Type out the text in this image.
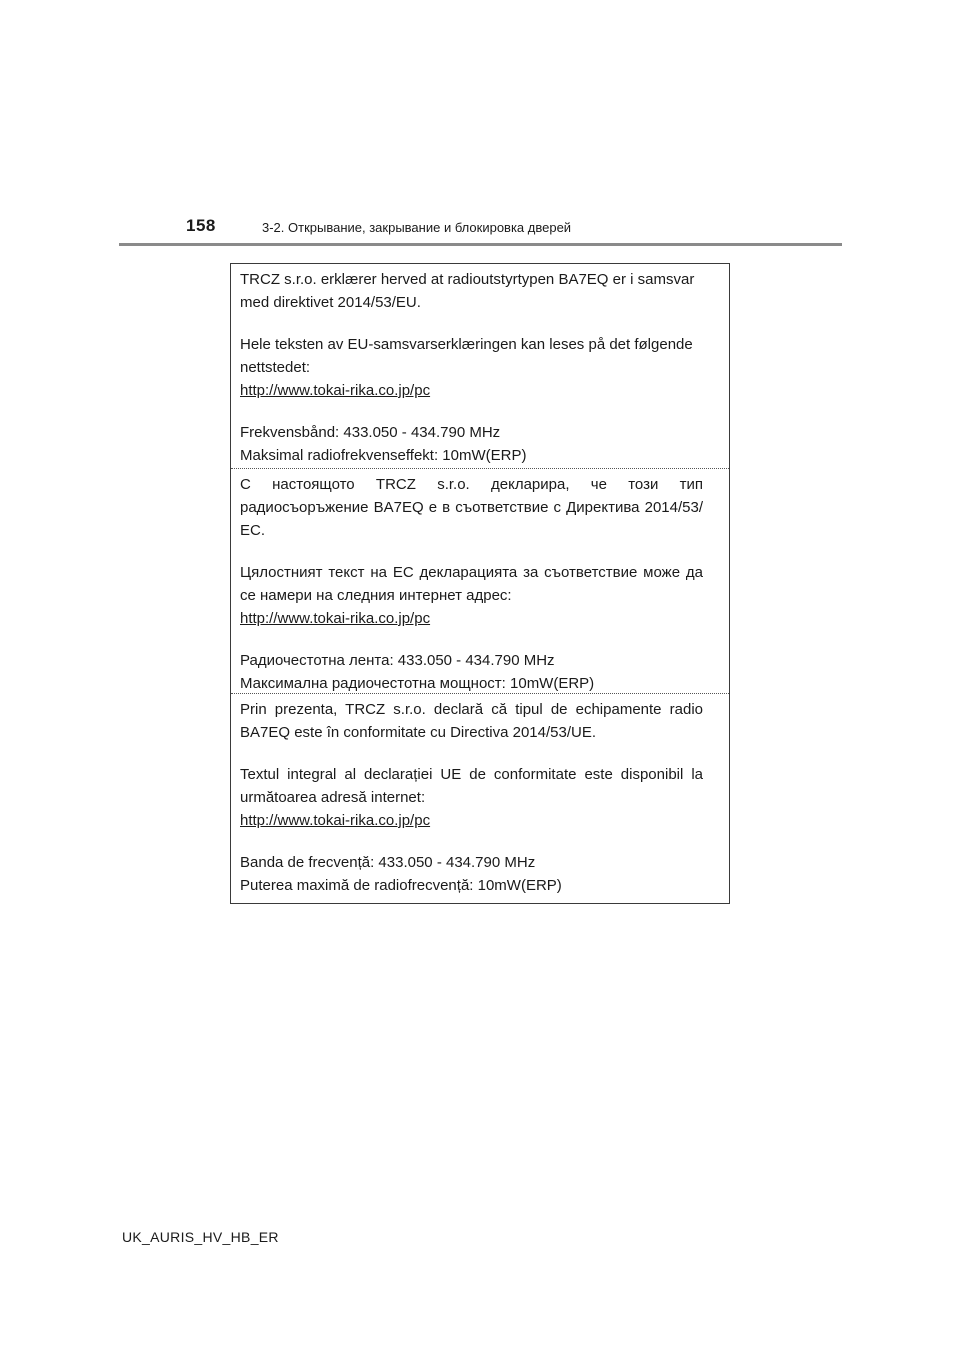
158	3-2. Открывание, закрывание и блокировка дверей

TRCZ s.r.o. erklærer herved at radioutstyrtypen BA7EQ er i samsvar med direktivet 2014/53/EU.

Hele teksten av EU-samsvarserklæringen kan leses på det følgende nettstedet:

http://www.tokai-rika.co.jp/pc

Frekvensbånd: 433.050 - 434.790 MHz

Maksimal radiofrekvenseffekt: 10mW(ERP)

С настоящото TRCZ s.r.o. декларира, че този тип радиосъоръжение BA7EQ е в съответствие с Директива 2014/53/ЕС.

Цялостният текст на ЕС декларацията за съответствие може да се намери на следния интернет адрес:

http://www.tokai-rika.co.jp/pc

Радиочестотна лента: 433.050 - 434.790 MHz

Максимална радиочестотна мощност: 10mW(ERP)

Prin prezenta, TRCZ s.r.o. declară că tipul de echipamente radio BA7EQ este în conformitate cu Directiva 2014/53/UE.

Textul integral al declarației UE de conformitate este disponibil la următoarea adresă internet:

http://www.tokai-rika.co.jp/pc

Banda de frecvență: 433.050 - 434.790 MHz

Puterea maximă de radiofrecvență: 10mW(ERP)

UK_AURIS_HV_HB_ER
